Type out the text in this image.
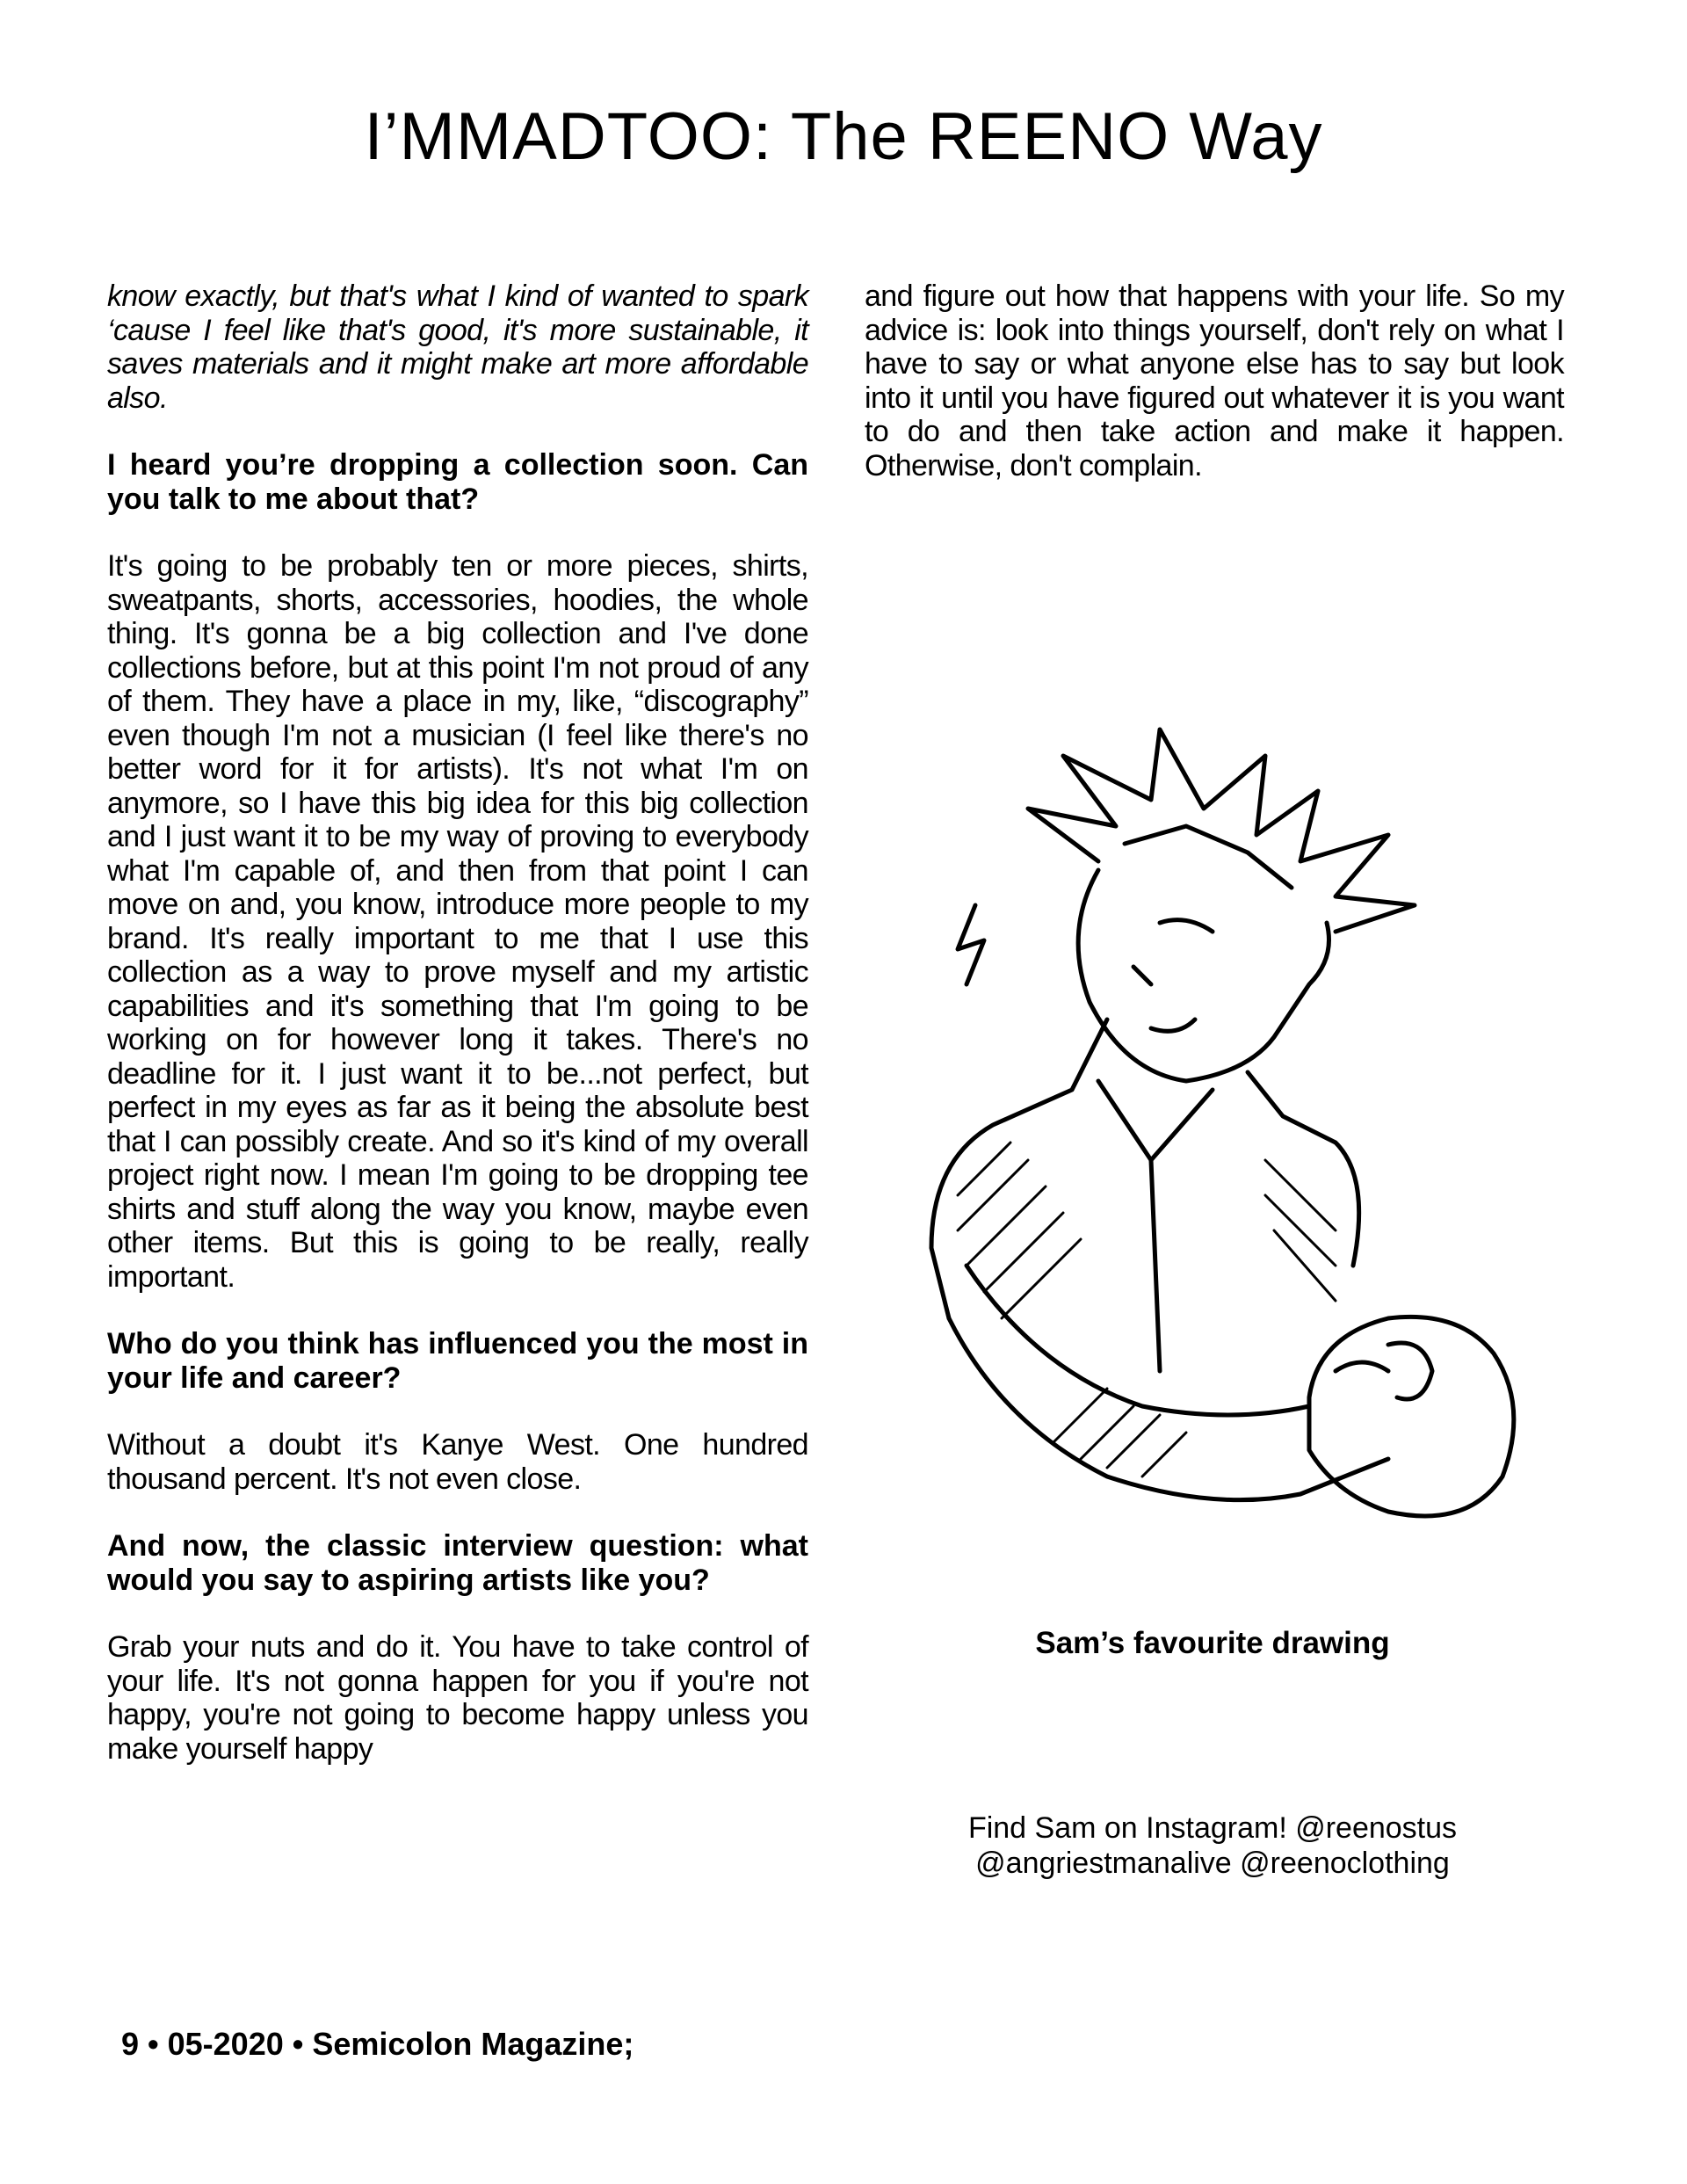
I’MMADTOO: The REENO Way

know exactly, but that's what I kind of wanted to spark ‘cause I feel like that's good, it's more sustainable, it saves materials and it might make art more affordable also.

I heard you’re dropping a collection soon. Can you talk to me about that?

It's going to be probably ten or more pieces, shirts, sweatpants, shorts, accessories, hoodies, the whole thing. It's gonna be a big collection and I've done collections before, but at this point I'm not proud of any of them. They have a place in my, like, “discography” even though I'm not a musician (I feel like there's no better word for it for artists). It's not what I'm on anymore, so I have this big idea for this big collection and I just want it to be my way of proving to everybody what I'm capable of, and then from that point I can move on and, you know, introduce more people to my brand. It's really important to me that I use this collection as a way to prove myself and my artistic capabilities and it's something that I'm going to be working on for however long it takes. There's no deadline for it. I just want it to be...not perfect, but perfect in my eyes as far as it being the absolute best that I can possibly create. And so it's kind of my overall project right now. I mean I'm going to be dropping tee shirts and stuff along the way you know, maybe even other items. But this is going to be really, really important.

Who do you think has influenced you the most in your life and career?

Without a doubt it's Kanye West. One hundred thousand percent. It's not even close.

And now, the classic interview question: what would you say to aspiring artists like you?

Grab your nuts and do it. You have to take control of your life. It's not gonna happen for you if you're not happy, you're not going to become happy unless you make yourself happy

and figure out how that happens with your life. So my advice is: look into things yourself, don't rely on what I have to say or what anyone else has to say but look into it until you have figured out whatever it is you want to do and then take action and make it happen. Otherwise, don't complain.

Sam’s favourite drawing
Find Sam on Instagram! @reenostus
@angriestmanalive @reenoclothing
9 • 05-2020 • Semicolon Magazine;
